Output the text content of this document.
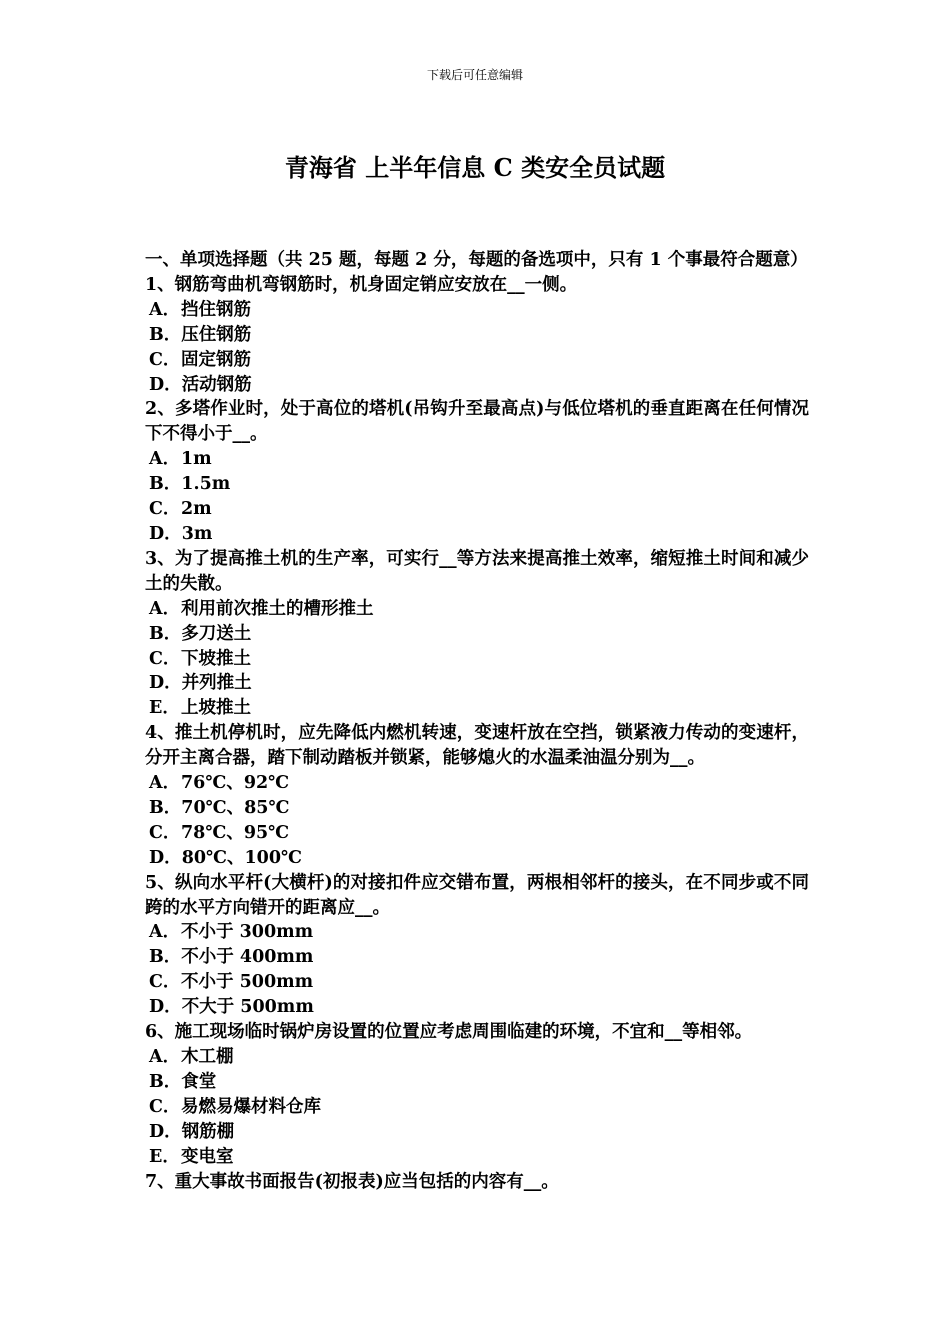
下载后可任意编辑
青海省 上半年信息 C 类安全员试题

一、单项选择题（共 25 题，每题 2 分，每题的备选项中，只有 1 个事最符合题意）

1、钢筋弯曲机弯钢筋时，机身固定销应安放在__一侧。

A．挡住钢筋

B．压住钢筋

C．固定钢筋

D．活动钢筋

2、多塔作业时，处于高位的塔机(吊钩升至最高点)与低位塔机的垂直距离在任何情况下不得小于__。

A．1m

B．1.5m

C．2m

D．3m

3、为了提高推土机的生产率，可实行__等方法来提高推土效率，缩短推土时间和减少土的失散。

A．利用前次推土的槽形推土

B．多刀送土

C．下坡推土

D．并列推土

E．上坡推土

4、推土机停机时，应先降低内燃机转速，变速杆放在空挡，锁紧液力传动的变速杆，分开主离合器，踏下制动踏板并锁紧，能够熄火的水温柔油温分别为__。

A．76℃、92℃

B．70℃、85℃

C．78℃、95℃

D．80℃、100℃

5、纵向水平杆(大横杆)的对接扣件应交错布置，两根相邻杆的接头，在不同步或不同跨的水平方向错开的距离应__。

A．不小于 300mm

B．不小于 400mm

C．不小于 500mm

D．不大于 500mm

6、施工现场临时锅炉房设置的位置应考虑周围临建的环境，不宜和__等相邻。

A．木工棚

B．食堂

C．易燃易爆材料仓库

D．钢筋棚

E．变电室

7、重大事故书面报告(初报表)应当包括的内容有__。
